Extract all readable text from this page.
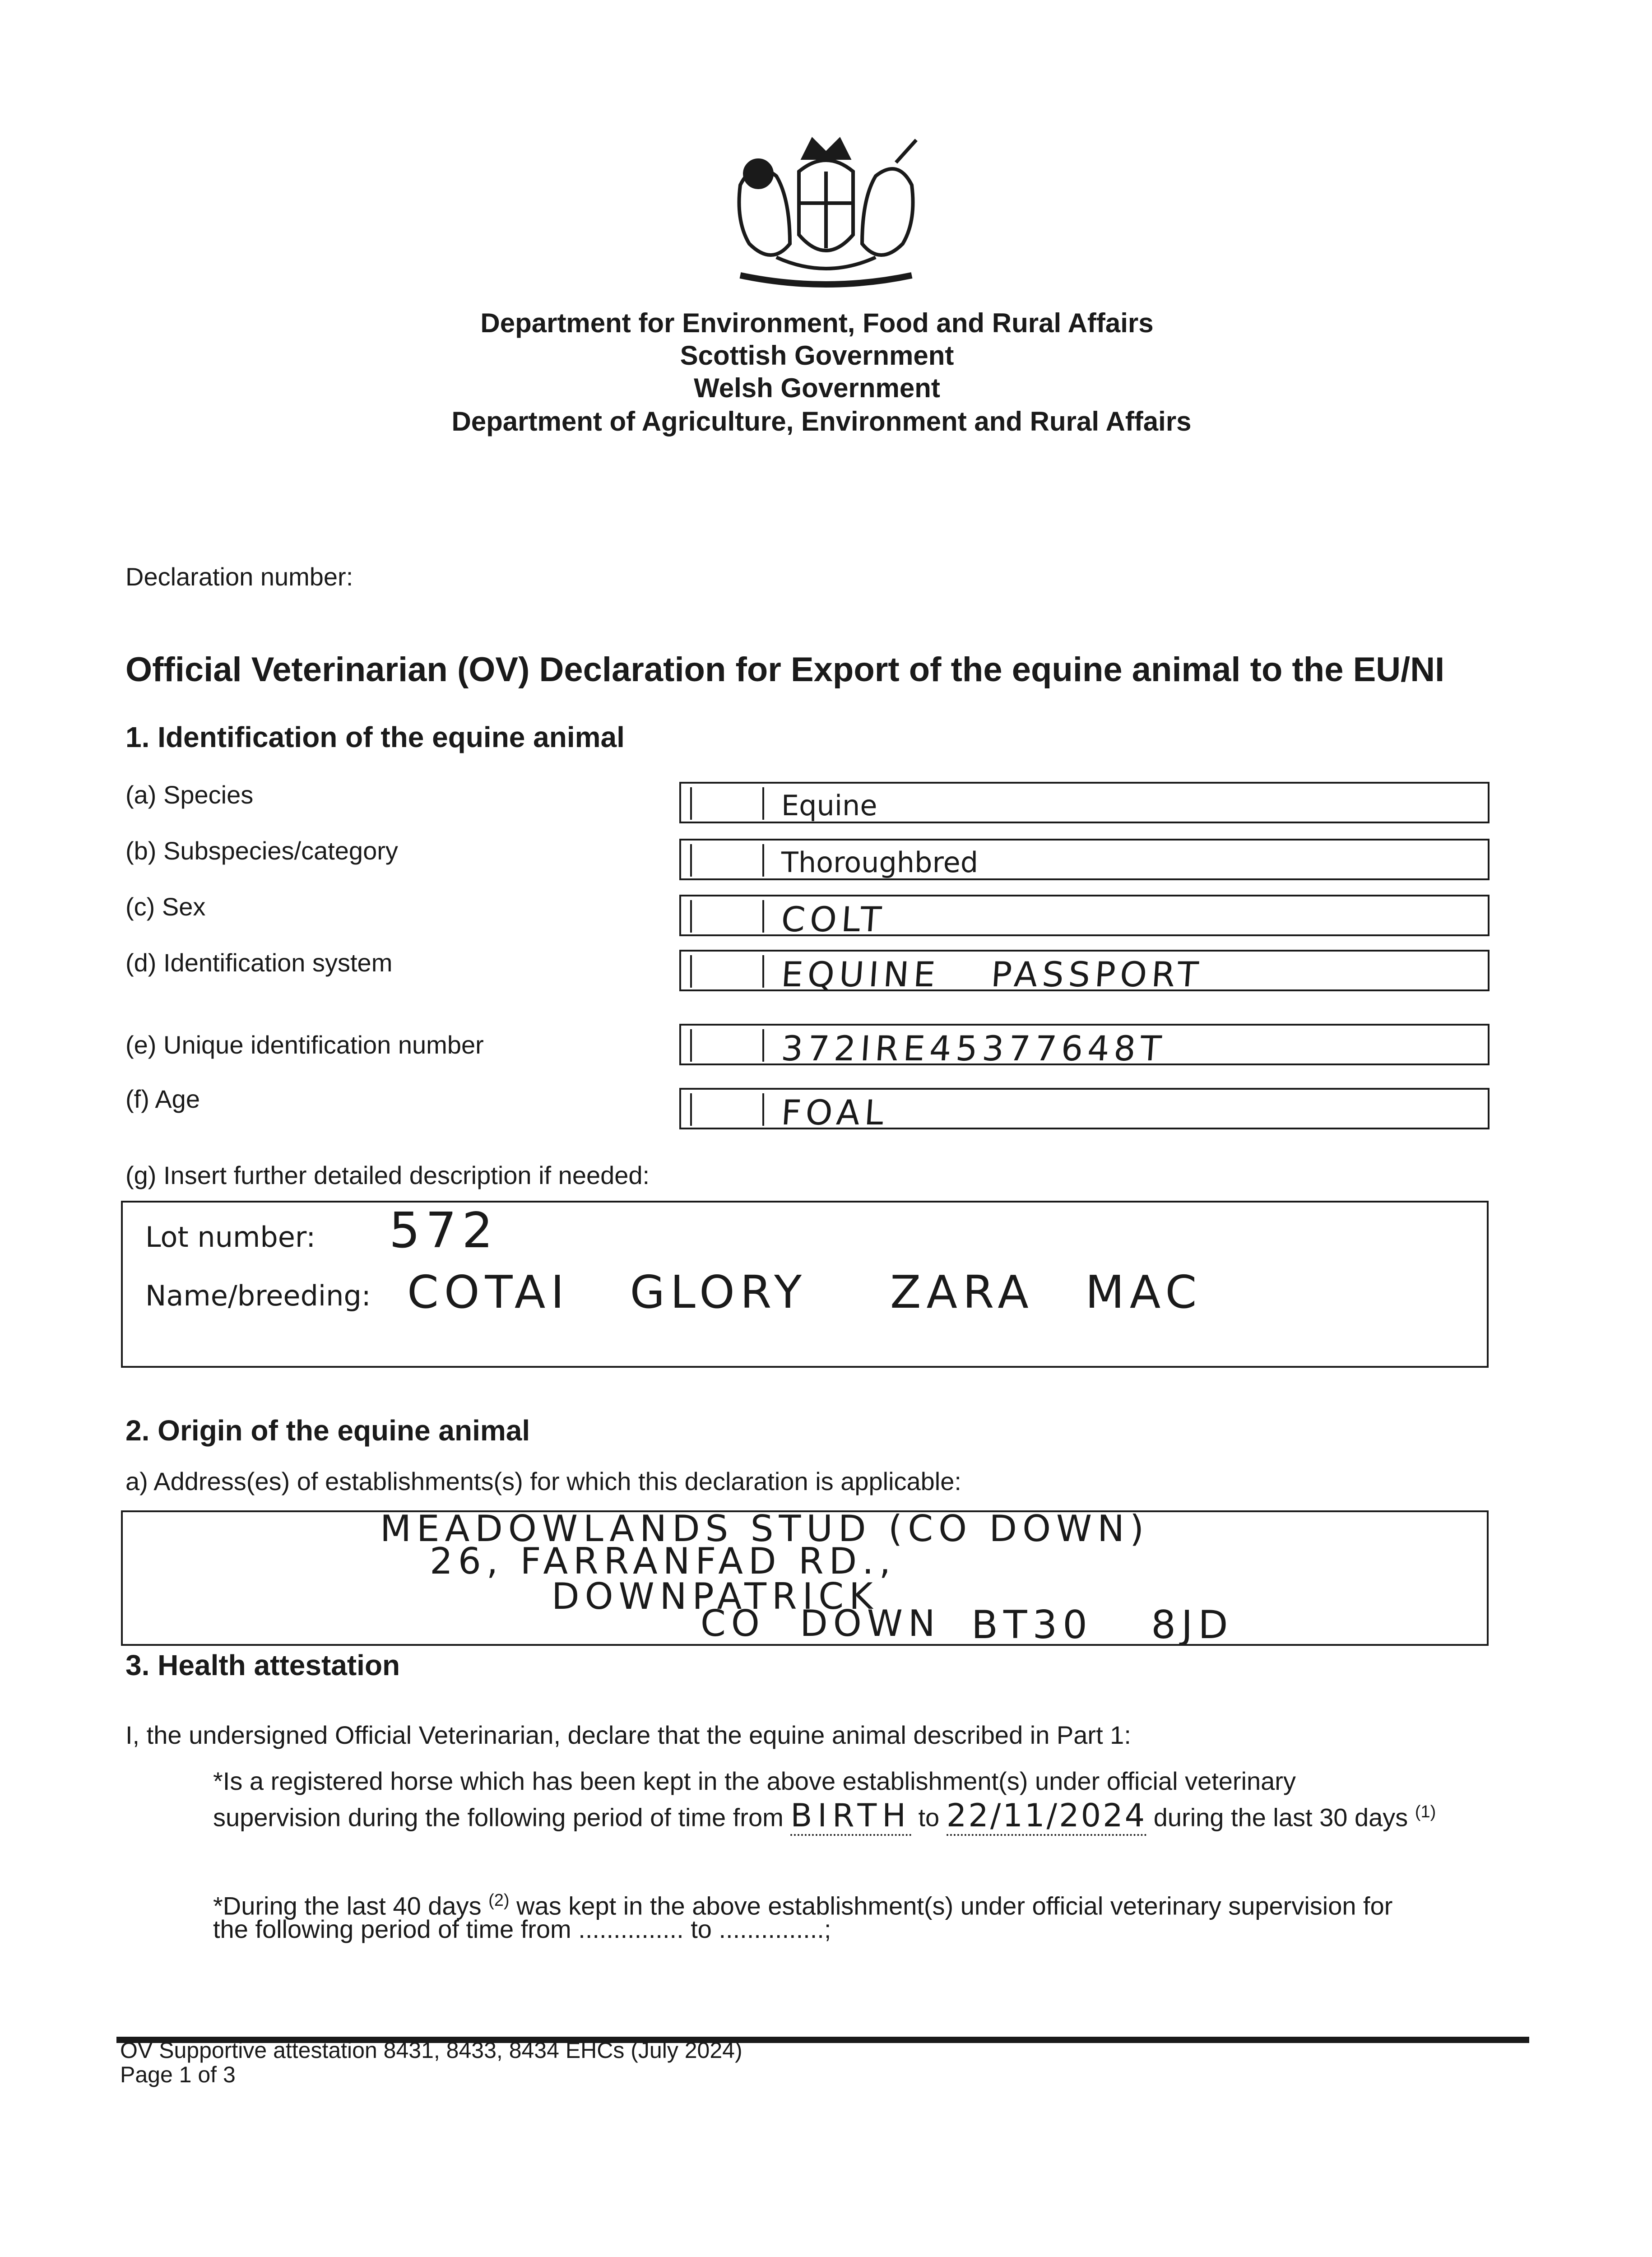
Department for Environment, Food and Rural Affairs
Scottish Government
Welsh Government
Department of Agriculture, Environment and Rural Affairs
Declaration number:
Official Veterinarian (OV) Declaration for Export of the equine animal to the EU/NI
1. Identification of the equine animal
(a) Species	Equine
(b) Subspecies/category	Thoroughbred
(c) Sex	COLT
(d) Identification system	EQUINE PASSPORT
(e) Unique identification number	372IRE45377648T
(f) Age	FOAL
(g) Insert further detailed description if needed:
Lot number: 572
Name/breeding: COTAI GLORY ZARA MAC
2. Origin of the equine animal
a) Address(es) of establishments(s) for which this declaration is applicable:
MEADOWLANDS STUD (CO DOWN)
26, FARRANFAD RD.,
DOWNPATRICK
CO DOWN BT30 8JD
3. Health attestation
I, the undersigned Official Veterinarian, declare that the equine animal described in Part 1:
*Is a registered horse which has been kept in the above establishment(s) under official veterinary
supervision during the following period of time from BIRTH to 22/11/2024 during the last 30 days $^{(1)}$
*During the last 40 days $^{(2)}$ was kept in the above establishment(s) under official veterinary supervision for
the following period of time from ............... to ...............;
OV Supportive attestation 8431, 8433, 8434 EHCs (July 2024)
Page 1 of 3
